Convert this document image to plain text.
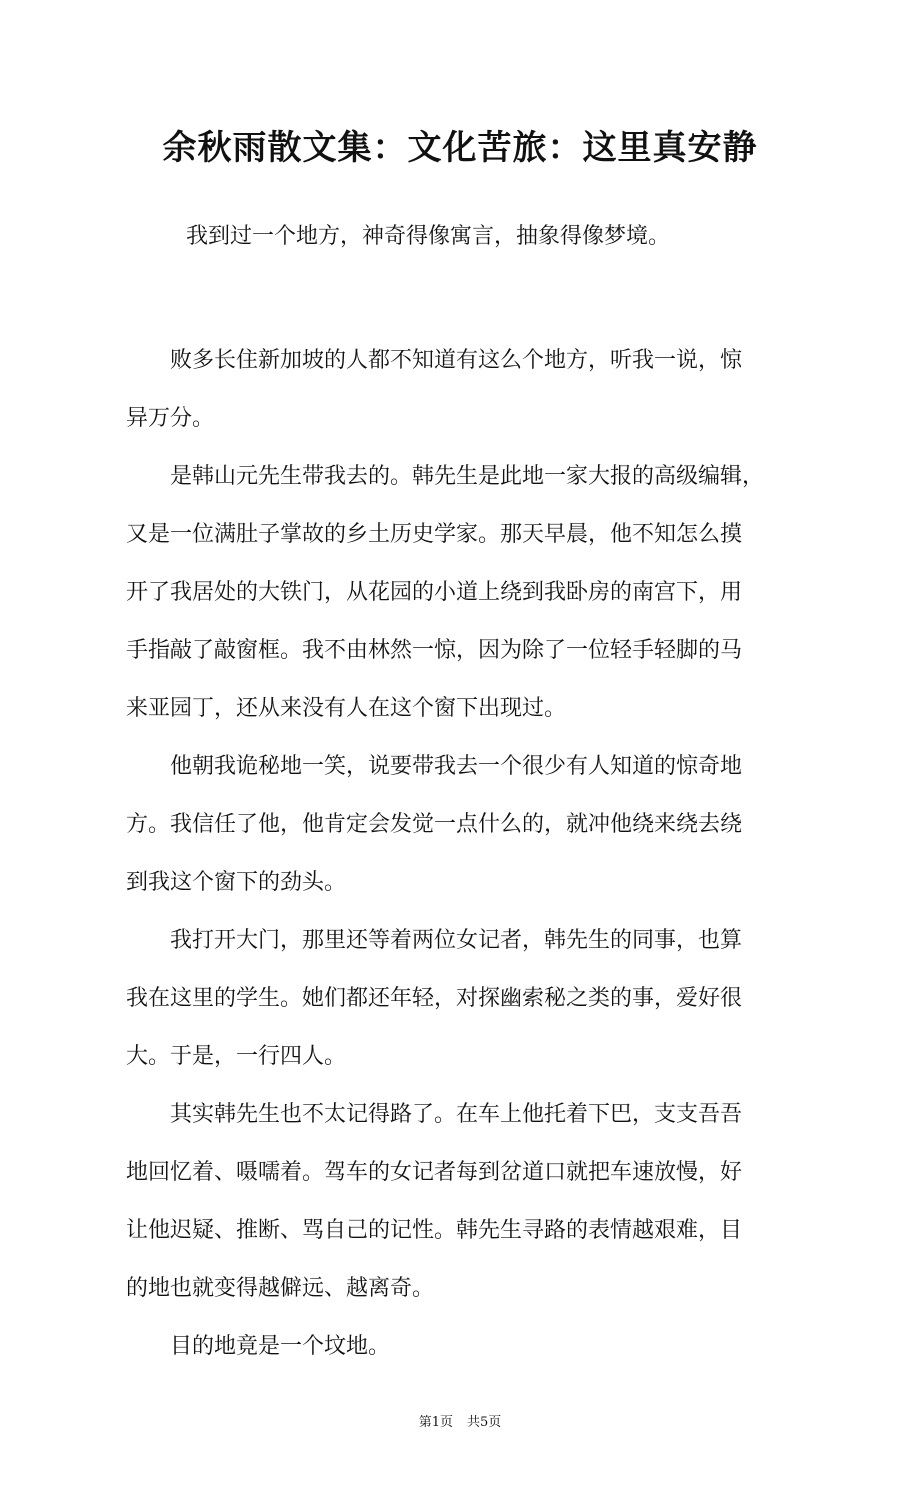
余秋雨散文集：文化苦旅：这里真安静
我到过一个地方，神奇得像寓言，抽象得像梦境。

败多长住新加坡的人都不知道有这么个地方，听我一说，惊
异万分。

是韩山元先生带我去的。韩先生是此地一家大报的高级编辑，
又是一位满肚子掌故的乡土历史学家。那天早晨，他不知怎么摸
开了我居处的大铁门，从花园的小道上绕到我卧房的南宫下，用
手指敲了敲窗框。我不由林然一惊，因为除了一位轻手轻脚的马
来亚园丁，还从来没有人在这个窗下出现过。

他朝我诡秘地一笑，说要带我去一个很少有人知道的惊奇地
方。我信任了他，他肯定会发觉一点什么的，就冲他绕来绕去绕
到我这个窗下的劲头。

我打开大门，那里还等着两位女记者，韩先生的同事，也算
我在这里的学生。她们都还年轻，对探幽索秘之类的事，爱好很
大。于是，一行四人。

其实韩先生也不太记得路了。在车上他托着下巴，支支吾吾
地回忆着、嗫嚅着。驾车的女记者每到岔道口就把车速放慢，好
让他迟疑、推断、骂自己的记性。韩先生寻路的表情越艰难，目
的地也就变得越僻远、越离奇。

目的地竟是一个坟地。

第1页 共5页
